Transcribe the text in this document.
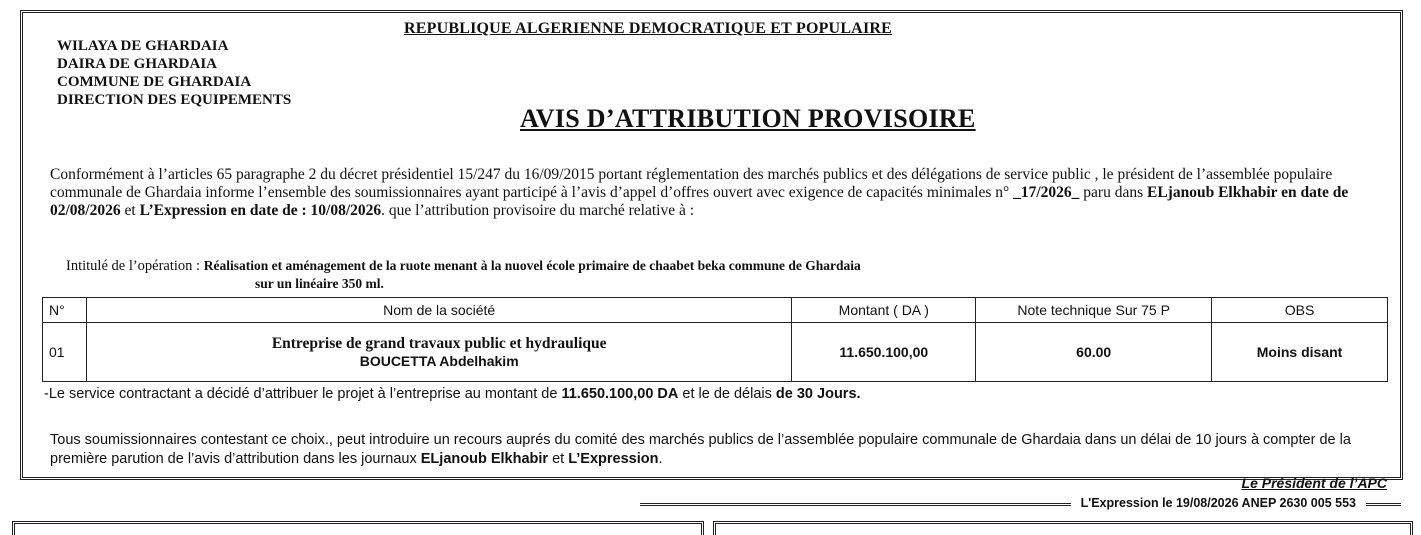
REPUBLIQUE ALGERIENNE DEMOCRATIQUE ET POPULAIRE
WILAYA DE GHARDAIA
DAIRA DE GHARDAIA
COMMUNE DE GHARDAIA
DIRECTION DES EQUIPEMENTS
AVIS D’ATTRIBUTION PROVISOIRE
Conformément à l’articles 65 paragraphe 2 du décret présidentiel 15/247 du 16/09/2015 portant réglementation des marchés publics et des délégations de service public , le président de l’assemblée populaire communale de Ghardaia informe l’ensemble des soumissionnaires ayant participé à l’avis d’appel d’offres ouvert avec exigence de capacités minimales n° _17/2026_ paru dans ELjanoub Elkhabir en date de 02/08/2026 et L’Expression en date de : 10/08/2026. que l’attribution provisoire du marché relative à :
Intitulé de l’opération : Réalisation et aménagement de la ruote menant à la nuovel école primaire de chaabet beka commune de Ghardaia
sur un linéaire 350 ml.
N°	Nom de la société	Montant ( DA )	Note technique Sur 75 P	OBS
01	Entreprise de grand travaux public et hydraulique
BOUCETTA Abdelhakim	11.650.100,00	60.00	Moins disant
-Le service contractant a décidé d’attribuer le projet à l’entreprise au montant de 11.650.100,00 DA et le de délais de 30 Jours.
Tous soumissionnaires contestant ce choix., peut introduire un recours auprés du comité des marchés publics de l’assemblée populaire communale de Ghardaia dans un délai de 10 jours à compter de la première parution de l’avis d’attribution dans les journaux ELjanoub Elkhabir et L’Expression.
Le Président de l’APC
L'Expression le 19/08/2026 ANEP 2630 005 553
